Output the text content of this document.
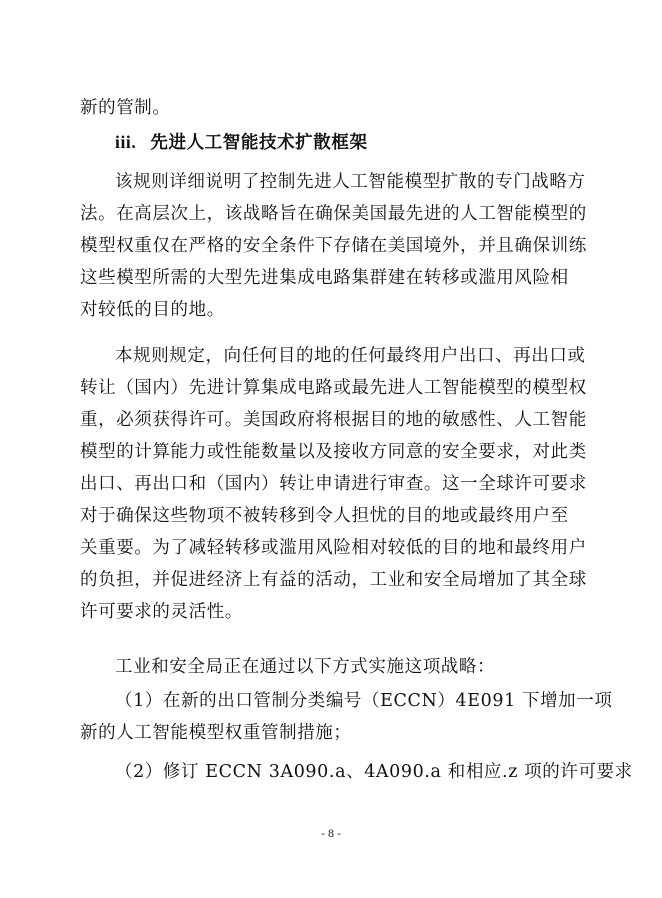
新的管制。
iii. 先进人工智能技术扩散框架
该规则详细说明了控制先进人工智能模型扩散的专门战略方
法。在高层次上，该战略旨在确保美国最先进的人工智能模型的
模型权重仅在严格的安全条件下存储在美国境外，并且确保训练
这些模型所需的大型先进集成电路集群建在转移或滥用风险相
对较低的目的地。
本规则规定，向任何目的地的任何最终用户出口、再出口或
转让（国内）先进计算集成电路或最先进人工智能模型的模型权
重，必须获得许可。美国政府将根据目的地的敏感性、人工智能
模型的计算能力或性能数量以及接收方同意的安全要求，对此类
出口、再出口和（国内）转让申请进行审查。这一全球许可要求
对于确保这些物项不被转移到令人担忧的目的地或最终用户至
关重要。为了减轻转移或滥用风险相对较低的目的地和最终用户
的负担，并促进经济上有益的活动，工业和安全局增加了其全球
许可要求的灵活性。
工业和安全局正在通过以下方式实施这项战略：
（1）在新的出口管制分类编号（ECCN）4E091 下增加一项
新的人工智能模型权重管制措施；
（2）修订 ECCN 3A090.a、4A090.a 和相应.z 项的许可要求
- 8 -
